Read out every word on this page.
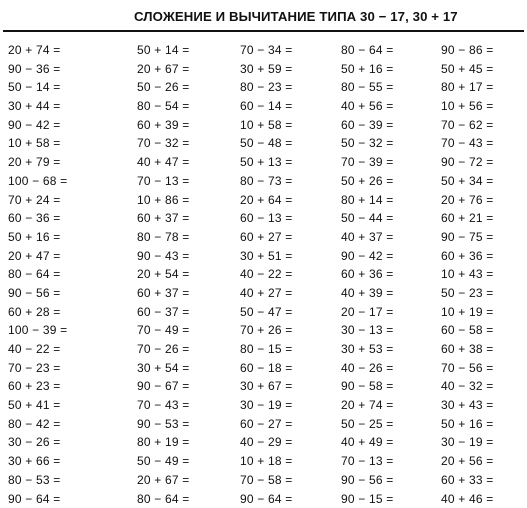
СЛОЖЕНИЕ И ВЫЧИТАНИЕ ТИПА 30 − 17, 30 + 17
20 + 74 =
90 − 36 =
50 − 14 =
30 + 44 =
90 − 42 =
10 + 58 =
20 + 79 =
100 − 68 =
70 + 24 =
60 − 36 =
50 + 16 =
20 + 47 =
80 − 64 =
90 − 56 =
60 + 28 =
100 − 39 =
40 − 22 =
70 − 23 =
60 + 23 =
50 + 41 =
80 − 42 =
30 − 26 =
30 + 66 =
80 − 53 =
90 − 64 =
50 + 14 =
20 + 67 =
50 − 26 =
80 − 54 =
60 + 39 =
70 − 32 =
40 + 47 =
70 − 13 =
10 + 86 =
60 + 37 =
80 − 78 =
90 − 43 =
20 + 54 =
60 + 37 =
60 − 37 =
70 − 49 =
70 − 26 =
30 + 54 =
90 − 67 =
70 − 43 =
90 − 53 =
80 + 19 =
50 − 49 =
20 + 67 =
80 − 64 =
70 − 34 =
30 + 59 =
80 − 23 =
60 − 14 =
10 + 58 =
50 − 48 =
50 + 13 =
80 − 73 =
20 + 64 =
60 − 13 =
60 + 27 =
30 + 51 =
40 − 22 =
40 + 27 =
50 − 47 =
70 + 26 =
80 − 15 =
60 − 18 =
30 + 67 =
30 − 19 =
60 − 27 =
40 − 29 =
10 + 18 =
70 − 58 =
90 − 64 =
80 − 64 =
50 + 16 =
80 − 55 =
40 + 56 =
60 − 39 =
50 − 32 =
70 − 39 =
50 + 26 =
80 + 14 =
50 − 44 =
40 + 37 =
90 − 42 =
60 + 36 =
40 + 39 =
20 − 17 =
30 − 13 =
30 + 53 =
40 − 26 =
90 − 58 =
20 + 74 =
50 − 25 =
40 + 49 =
70 − 13 =
90 − 56 =
90 − 15 =
90 − 86 =
50 + 45 =
80 + 17 =
10 + 56 =
70 − 62 =
70 − 43 =
90 − 72 =
50 + 34 =
20 + 76 =
60 + 21 =
90 − 75 =
60 + 36 =
10 + 43 =
50 − 23 =
10 + 19 =
60 − 58 =
60 + 38 =
70 − 56 =
40 − 32 =
30 + 43 =
50 + 16 =
30 − 19 =
20 + 56 =
60 + 33 =
40 + 46 =
